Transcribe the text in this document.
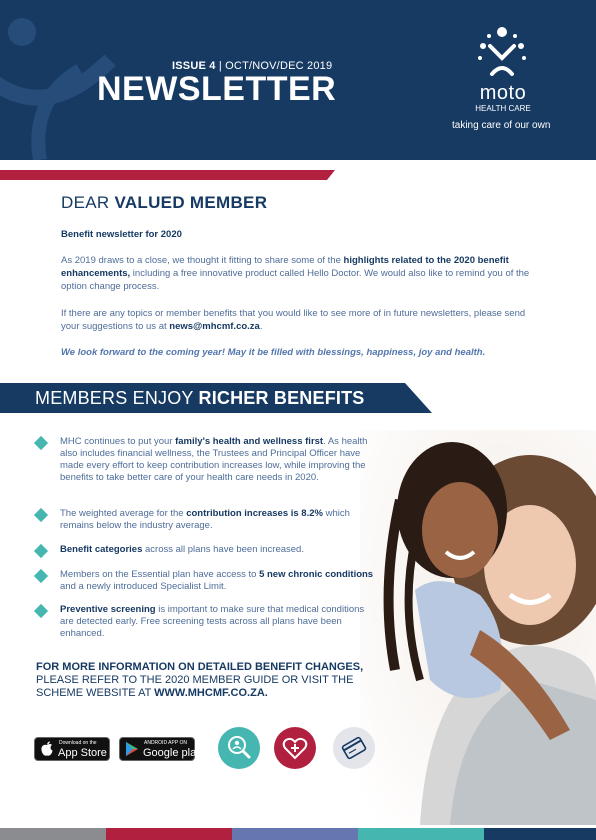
ISSUE 4 | OCT/NOV/DEC 2019
NEWSLETTER	moto
HEALTH CARE
taking care of our own
DEAR VALUED MEMBER
Benefit newsletter for 2020
As 2019 draws to a close, we thought it fitting to share some of the highlights related to the 2020 benefit enhancements, including a free innovative product called Hello Doctor. We would also like to remind you of the option change process.
If there are any topics or member benefits that you would like to see more of in future newsletters, please send your suggestions to us at news@mhcmf.co.za.
We look forward to the coming year! May it be filled with blessings, happiness, joy and health.
MEMBERS ENJOY RICHER BENEFITS
MHC continues to put your family's health and wellness first. As health also includes financial wellness, the Trustees and Principal Officer have made every effort to keep contribution increases low, while improving the benefits to take better care of your health care needs in 2020.
The weighted average for the contribution increases is 8.2% which remains below the industry average.
Benefit categories across all plans have been increased.
Members on the Essential plan have access to 5 new chronic conditions and a newly introduced Specialist Limit.
Preventive screening is important to make sure that medical conditions are detected early. Free screening tests across all plans have been enhanced.
FOR MORE INFORMATION ON DETAILED BENEFIT CHANGES, PLEASE REFER TO THE 2020 MEMBER GUIDE OR VISIT THE SCHEME WEBSITE AT WWW.MHCMF.CO.ZA.
Download on the
App Store
ANDROID APP ON
Google play
